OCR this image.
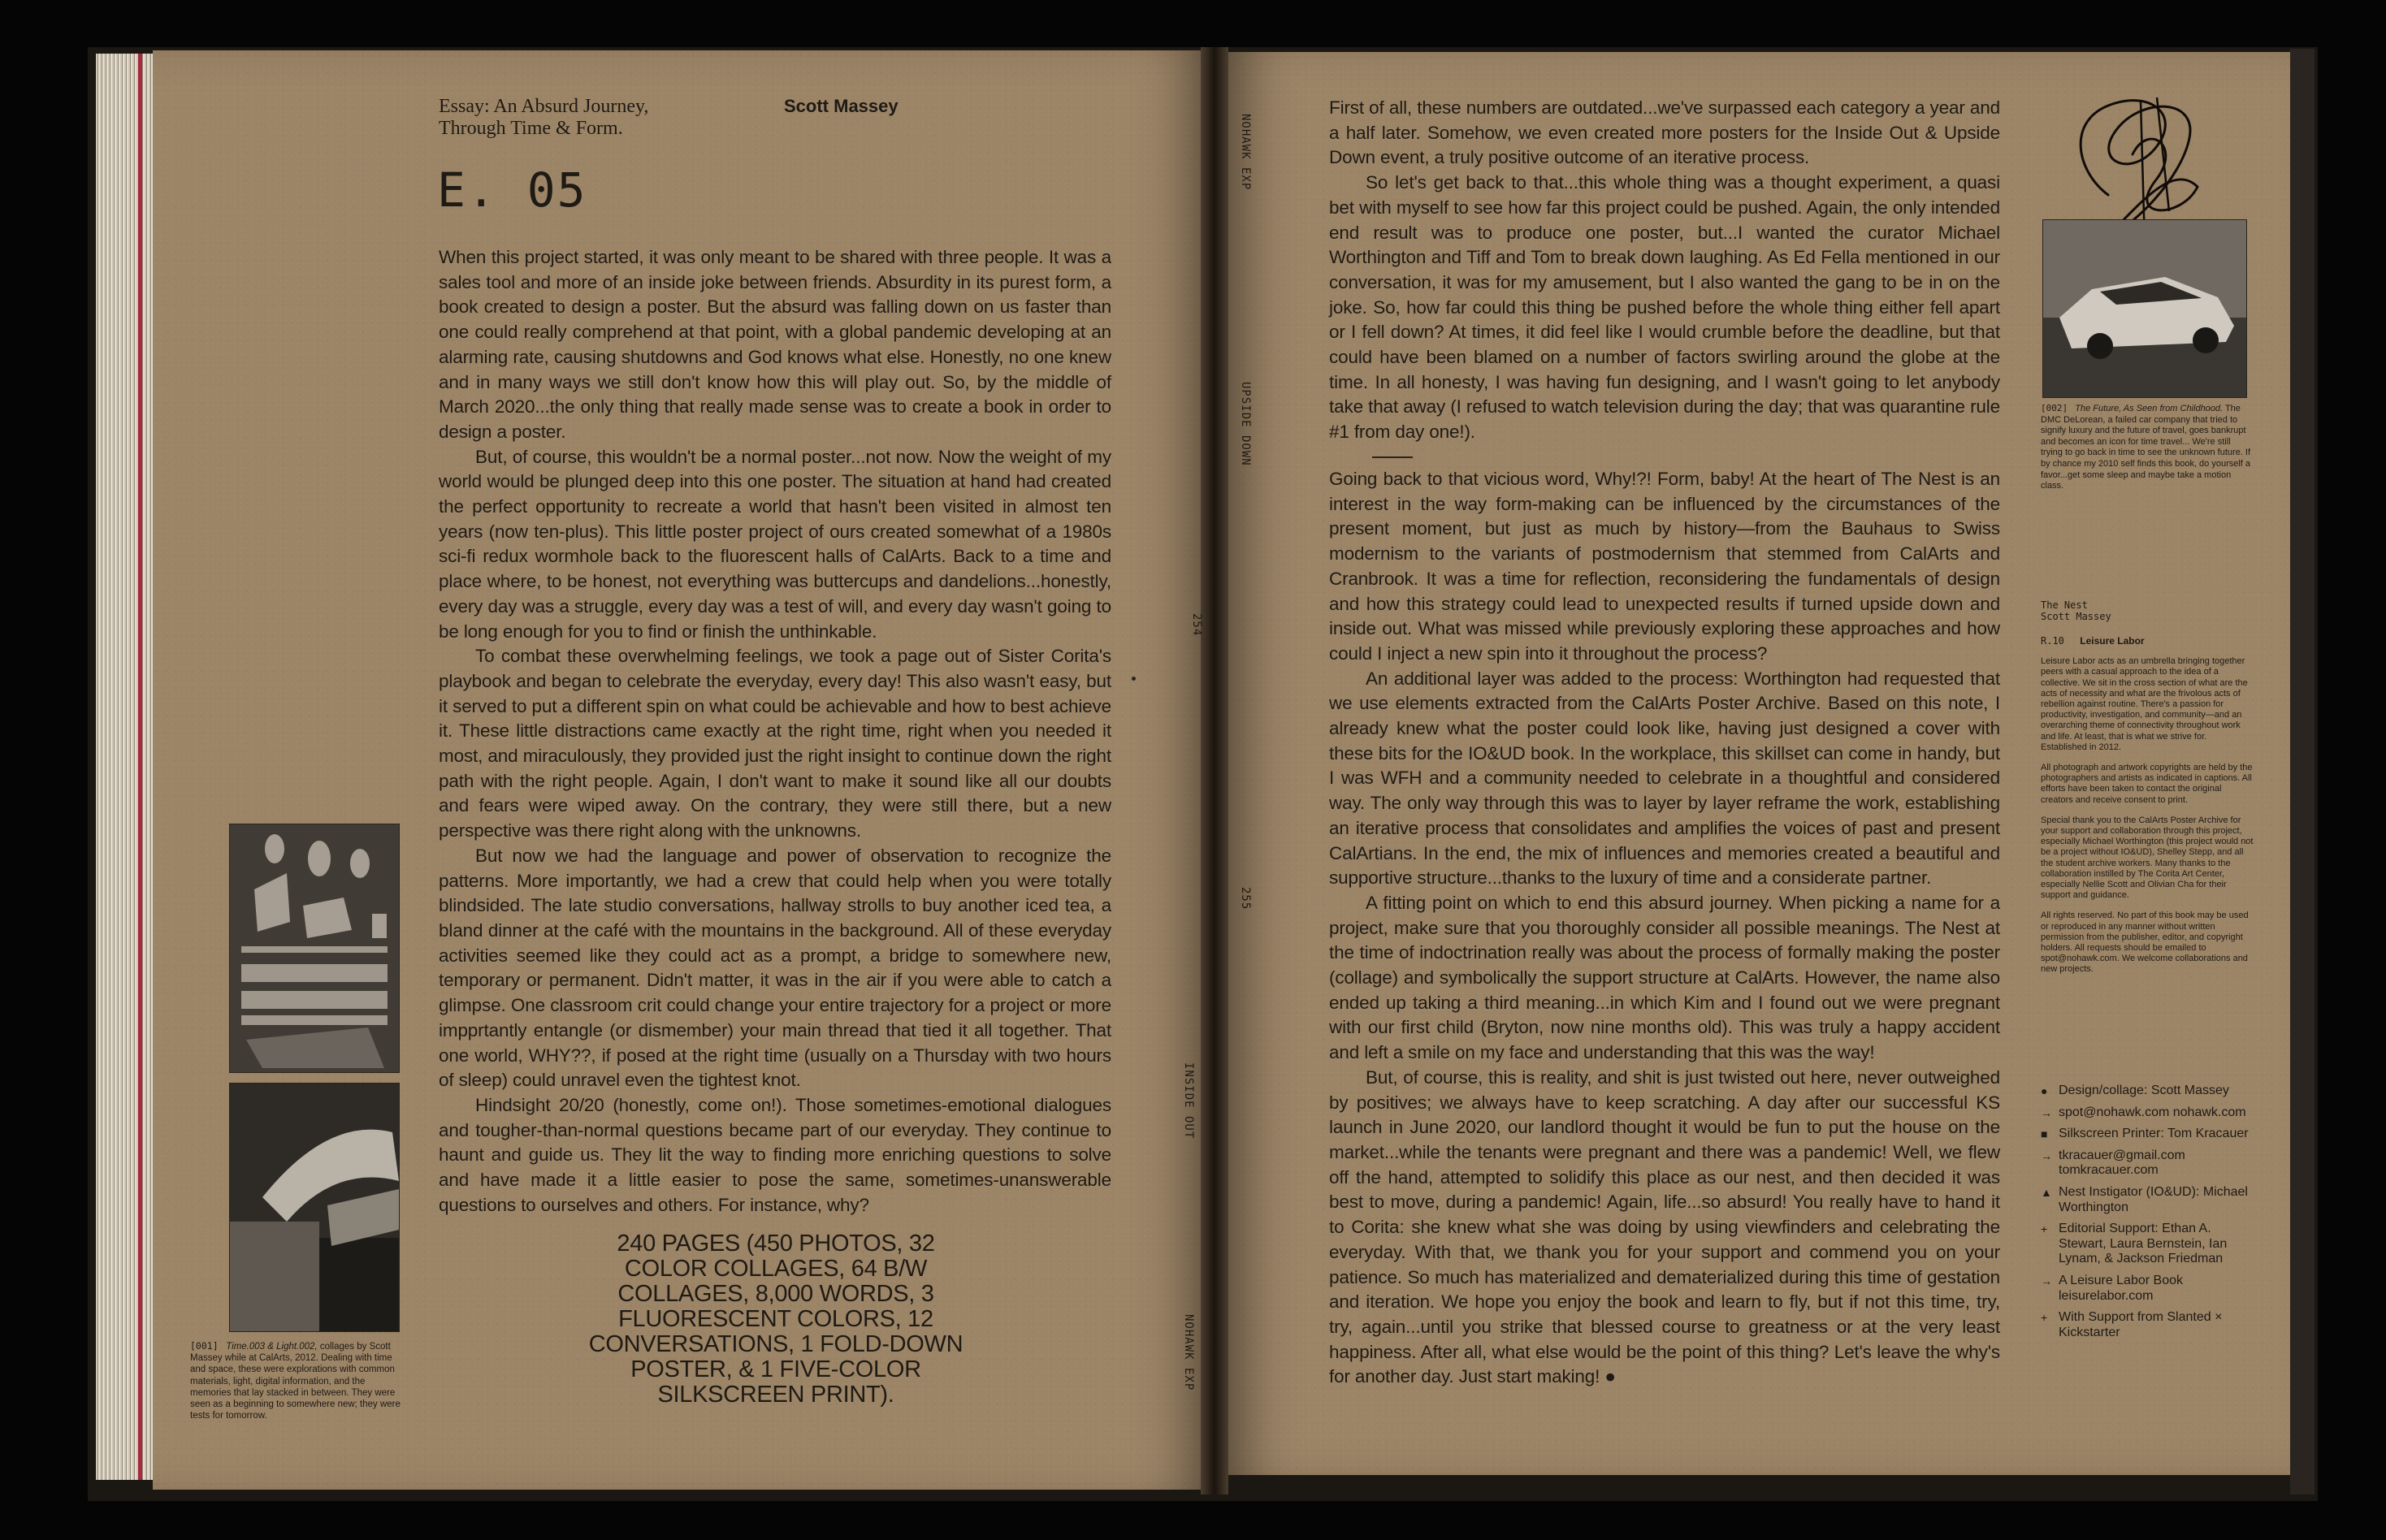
Essay: An Absurd Journey, Through Time & Form.
Scott Massey
E. 05

When this project started, it was only meant to be shared with three people. It was a sales tool and more of an inside joke between friends. Absurdity in its purest form, a book created to design a poster. But the absurd was falling down on us faster than one could really comprehend at that point, with a global pandemic developing at an alarming rate, causing shutdowns and God knows what else. Honestly, no one knew and in many ways we still don't know how this will play out. So, by the middle of March 2020...the only thing that really made sense was to create a book in order to design a poster.

But, of course, this wouldn't be a normal poster...not now. Now the weight of my world would be plunged deep into this one poster. The situation at hand had created the perfect opportunity to recreate a world that hasn't been visited in almost ten years (now ten-plus). This little poster project of ours created somewhat of a 1980s sci-fi redux wormhole back to the fluorescent halls of CalArts. Back to a time and place where, to be honest, not everything was buttercups and dandelions...honestly, every day was a struggle, every day was a test of will, and every day wasn't going to be long enough for you to find or finish the unthinkable.

To combat these overwhelming feelings, we took a page out of Sister Corita's playbook and began to celebrate the everyday, every day! This also wasn't easy, but it served to put a different spin on what could be achievable and how to best achieve it. These little distractions came exactly at the right time, right when you needed it most, and miraculously, they provided just the right insight to continue down the right path with the right people. Again, I don't want to make it sound like all our doubts and fears were wiped away. On the contrary, they were still there, but a new perspective was there right along with the unknowns.

But now we had the language and power of observation to recognize the patterns. More importantly, we had a crew that could help when you were totally blindsided. The late studio conversations, hallway strolls to buy another iced tea, a bland dinner at the café with the mountains in the background. All of these everyday activities seemed like they could act as a prompt, a bridge to somewhere new, temporary or permanent. Didn't matter, it was in the air if you were able to catch a glimpse. One classroom crit could change your entire trajectory for a project or more impprtantly entangle (or dismember) your main thread that tied it all together. That one world, WHY??, if posed at the right time (usually on a Thursday with two hours of sleep) could unravel even the tightest knot.

Hindsight 20/20 (honestly, come on!). Those sometimes-emotional dialogues and tougher-than-normal questions became part of our everyday. They continue to haunt and guide us. They lit the way to finding more enriching questions to solve and have made it a little easier to pose the same, sometimes-unanswerable questions to ourselves and others. For instance, why?

240 PAGES (450 PHOTOS, 32 COLOR COLLAGES, 64 B/W COLLAGES, 8,000 WORDS, 3 FLUORESCENT COLORS, 12 CONVERSATIONS, 1 FOLD-DOWN POSTER, & 1 FIVE-COLOR SILKSCREEN PRINT).
[001] Time.003 & Light.002, collages by Scott Massey while at CalArts, 2012. Dealing with time and space, these were explorations with common materials, light, digital information, and the memories that lay stacked in between. They were seen as a beginning to somewhere new; they were tests for tomorrow.
NOHAWK EXP
UPSIDE DOWN
254
INSIDE OUT
NOHAWK EXP
255

First of all, these numbers are outdated...we've surpassed each category a year and a half later. Somehow, we even created more posters for the Inside Out & Upside Down event, a truly positive outcome of an iterative process.

So let's get back to that...this whole thing was a thought experiment, a quasi bet with myself to see how far this project could be pushed. Again, the only intended end result was to produce one poster, but...I wanted the curator Michael Worthington and Tiff and Tom to break down laughing. As Ed Fella mentioned in our conversation, it was for my amusement, but I also wanted the gang to be in on the joke. So, how far could this thing be pushed before the whole thing either fell apart or I fell down? At times, it did feel like I would crumble before the deadline, but that could have been blamed on a number of factors swirling around the globe at the time. In all honesty, I was having fun designing, and I wasn't going to let anybody take that away (I refused to watch television during the day; that was quarantine rule #1 from day one!).

Going back to that vicious word, Why!?! Form, baby! At the heart of The Nest is an interest in the way form-making can be influenced by the circumstances of the present moment, but just as much by history—from the Bauhaus to Swiss modernism to the variants of postmodernism that stemmed from CalArts and Cranbrook. It was a time for reflection, reconsidering the fundamentals of design and how this strategy could lead to unexpected results if turned upside down and inside out. What was missed while previously exploring these approaches and how could I inject a new spin into it throughout the process?

An additional layer was added to the process: Worthington had requested that we use elements extracted from the CalArts Poster Archive. Based on this note, I already knew what the poster could look like, having just designed a cover with these bits for the IO&UD book. In the workplace, this skillset can come in handy, but I was WFH and a community needed to celebrate in a thoughtful and considered way. The only way through this was to layer by layer reframe the work, establishing an iterative process that consolidates and amplifies the voices of past and present CalArtians. In the end, the mix of influences and memories created a beautiful and supportive structure...thanks to the luxury of time and a considerate partner.

A fitting point on which to end this absurd journey. When picking a name for a project, make sure that you thoroughly consider all possible meanings. The Nest at the time of indoctrination really was about the process of formally making the poster (collage) and symbolically the support structure at CalArts. However, the name also ended up taking a third meaning...in which Kim and I found out we were pregnant with our first child (Bryton, now nine months old). This was truly a happy accident and left a smile on my face and understanding that this was the way!

But, of course, this is reality, and shit is just twisted out here, never outweighed by positives; we always have to keep scratching. A day after our successful KS launch in June 2020, our landlord thought it would be fun to put the house on the market...while the tenants were pregnant and there was a pandemic! Well, we flew off the hand, attempted to solidify this place as our nest, and then decided it was best to move, during a pandemic! Again, life...so absurd! You really have to hand it to Corita: she knew what she was doing by using viewfinders and celebrating the everyday. With that, we thank you for your support and commend you on your patience. So much has materialized and dematerialized during this time of gestation and iteration. We hope you enjoy the book and learn to fly, but if not this time, try, try, again...until you strike that blessed course to greatness or at the very least happiness. After all, what else would be the point of this thing? Let's leave the why's for another day. Just start making! ●

[002] The Future, As Seen from Childhood. The DMC DeLorean, a failed car company that tried to signify luxury and the future of travel, goes bankrupt and becomes an icon for time travel... We're still trying to go back in time to see the unknown future. If by chance my 2010 self finds this book, do yourself a favor...get some sleep and maybe take a motion class.
The Nest
Scott Massey
R.10 Leisure Labor

Leisure Labor acts as an umbrella bringing together peers with a casual approach to the idea of a collective. We sit in the cross section of what are the acts of necessity and what are the frivolous acts of rebellion against routine. There's a passion for productivity, investigation, and community—and an overarching theme of connectivity throughout work and life. At least, that is what we strive for. Established in 2012.

All photograph and artwork copyrights are held by the photographers and artists as indicated in captions. All efforts have been taken to contact the original creators and receive consent to print.

Special thank you to the CalArts Poster Archive for your support and collaboration through this project, especially Michael Worthington (this project would not be a project without IO&UD), Shelley Stepp, and all the student archive workers. Many thanks to the collaboration instilled by The Corita Art Center, especially Nellie Scott and Olivian Cha for their support and guidance.

All rights reserved. No part of this book may be used or reproduced in any manner without written permission from the publisher, editor, and copyright holders. All requests should be emailed to spot@nohawk.com. We welcome collaborations and new projects.

● Design/collage: Scott Massey
→ spot@nohawk.com nohawk.com
■ Silkscreen Printer: Tom Kracauer
→ tkracauer@gmail.com tomkracauer.com
▲ Nest Instigator (IO&UD): Michael Worthington
+ Editorial Support: Ethan A. Stewart, Laura Bernstein, Ian Lynam, & Jackson Friedman
→ A Leisure Labor Book leisurelabor.com
+ With Support from Slanted × Kickstarter
